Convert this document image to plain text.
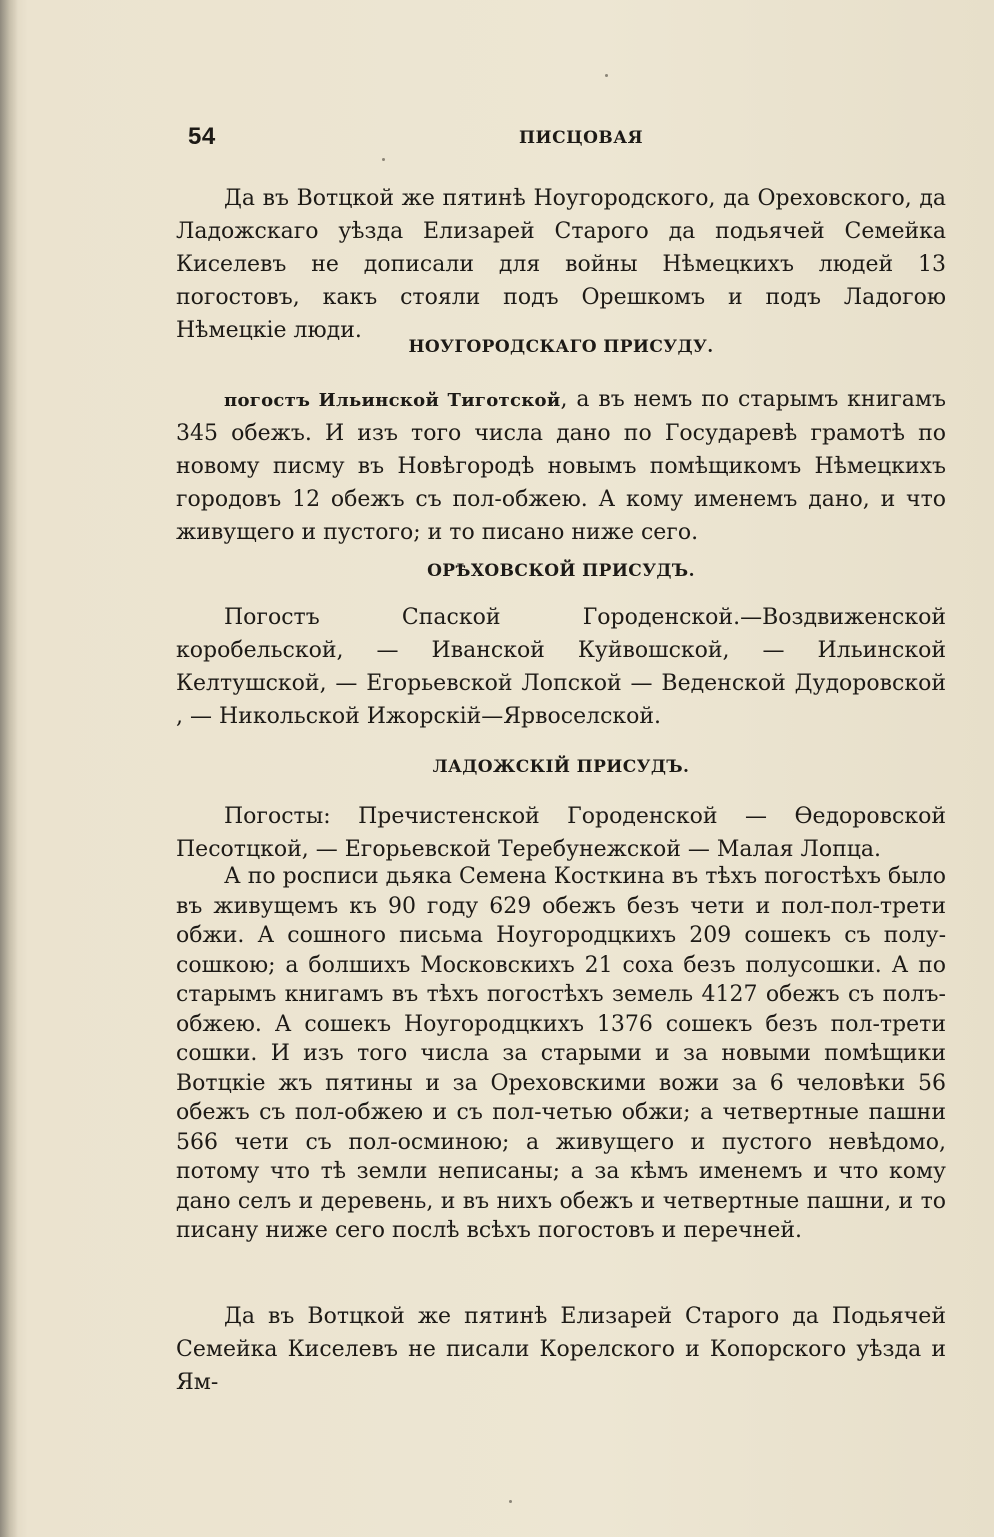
54	ПИСЦОВАЯ

Да въ Вотцкой же пятинѣ Ноугородского, да Ореховского, да Ладожскаго уѣзда Елизарей Старого да подьячей Семейка Киселевъ не дописали для войны Нѣмецкихъ людей 13 погостовъ, какъ стояли подъ Орешкомъ и подъ Ладогою Нѣмецкіе люди.

НОУГОРОДСКАГО ПРИСУДУ.

погостъ Ильинской Тиготской, а въ немъ по старымъ книгамъ 345 обежъ. И изъ того числа дано по Государевѣ грамотѣ по новому писму въ Новѣгородѣ новымъ помѣщикомъ Нѣмецкихъ городовъ 12 обежъ съ пол-обжею. А кому именемъ дано, и что живущего и пустого; и то писано ниже сего.

ОРѢХОВСКОЙ ПРИСУДЪ.

Погостъ Спаской Городенской.—Воздвиженской коробельской, — Иванской Куйвошской, — Ильинской Келтушской, — Егорьевской Лопской — Веденской Дудоровской , — Никольской Ижорскій—Ярвоселской.

ЛАДОЖСКІЙ ПРИСУДЪ.

Погосты: Пречистенской Городенской — Ѳедоровской Песотцкой, — Егорьевской Теребунежской — Малая Лопца.

А по росписи дьяка Семена Косткина въ тѣхъ погостѣхъ было въ живущемъ къ 90 году 629 обежъ безъ чети и пол-пол-трети обжи. А сошного письма Ноугородцкихъ 209 сошекъ съ полу-сошкою; а болшихъ Московскихъ 21 соха безъ полусошки. А по старымъ книгамъ въ тѣхъ погостѣхъ земель 4127 обежъ съ полъ-обжею. А сошекъ Ноугородцкихъ 1376 сошекъ безъ пол-трети сошки. И изъ того числа за старыми и за новыми помѣщики Вотцкіе жъ пятины и за Ореховскими вожи за 6 человѣки 56 обежъ съ пол-обжею и съ пол-четью обжи; а четвертные пашни 566 чети съ пол-осминою; а живущего и пустого невѣдомо, потому что тѣ земли неписаны; а за кѣмъ именемъ и что кому дано селъ и деревень, и въ нихъ обежъ и четвертные пашни, и то писану ниже сего послѣ всѣхъ погостовъ и перечней.

Да въ Вотцкой же пятинѣ Елизарей Старого да Подьячей Семейка Киселевъ не писали Корелского и Копорского уѣзда и Ям-
